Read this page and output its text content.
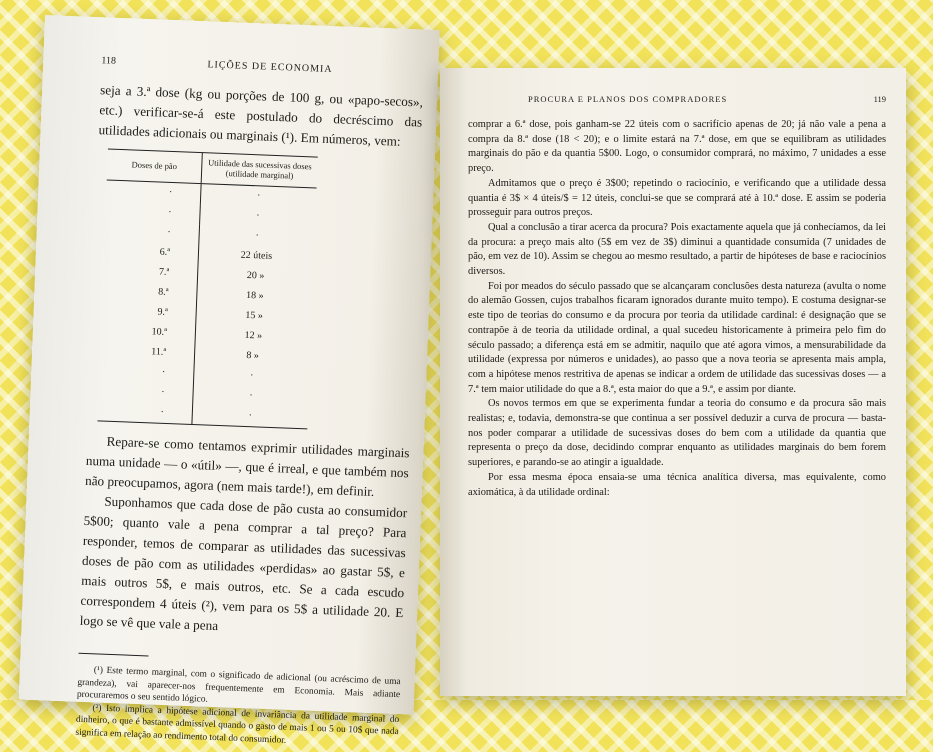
118	LIÇÕES DE ECONOMIA

seja a 3.ª dose (kg ou porções de 100 g, ou «papo-secos», etc.) verificar-se-á este postulado do decréscimo das utilidades adicionais ou marginais (¹). Em números, vem:

Doses de pão	Utilidade das sucessivas doses (utilidade marginal)
·	·
·	·
·	·
6.ª	22 úteis
7.ª	20 »
8.ª	18 »
9.ª	15 »
10.ª	12 »
11.ª	8 »
·	·
·	·
·	·

Repare-se como tentamos exprimir utilidades marginais numa unidade — o «útil» —, que é irreal, e que também nos não preocupamos, agora (nem mais tarde!), em definir.

Suponhamos que cada dose de pão custa ao consumidor 5$00; quanto vale a pena comprar a tal preço? Para responder, temos de comparar as utilidades das sucessivas doses de pão com as utilidades «perdidas» ao gastar 5$, e mais outros 5$, e mais outros, etc. Se a cada escudo correspondem 4 úteis (²), vem para os 5$ a utilidade 20. E logo se vê que vale a pena

(¹) Este termo marginal, com o significado de adicional (ou acréscimo de uma grandeza), vai aparecer-nos frequentemente em Economia. Mais adiante procuraremos o seu sentido lógico.

(²) Isto implica a hipótese adicional de invariância da utilidade marginal do dinheiro, o que é bastante admissível quando o gasto de mais 1 ou 5 ou 10$ que nada significa em relação ao rendimento total do consumidor.

PROCURA E PLANOS DOS COMPRADORES	119

comprar a 6.ª dose, pois ganham-se 22 úteis com o sacrifício apenas de 20; já não vale a pena a compra da 8.ª dose (18 < 20); e o limite estará na 7.ª dose, em que se equilibram as utilidades marginais do pão e da quantia 5$00. Logo, o consumidor comprará, no máximo, 7 unidades a esse preço.

Admitamos que o preço é 3$00; repetindo o raciocínio, e verificando que a utilidade dessa quantia é 3$ × 4 úteis/$ = 12 úteis, conclui-se que se comprará até à 10.ª dose. E assim se poderia prosseguir para outros preços.

Qual a conclusão a tirar acerca da procura? Pois exactamente aquela que já conhecíamos, da lei da procura: a preço mais alto (5$ em vez de 3$) diminui a quantidade consumida (7 unidades de pão, em vez de 10). Assim se chegou ao mesmo resultado, a partir de hipóteses de base e raciocínios diversos.

Foi por meados do século passado que se alcançaram conclusões desta natureza (avulta o nome do alemão Gossen, cujos trabalhos ficaram ignorados durante muito tempo). E costuma designar-se este tipo de teorias do consumo e da procura por teoria da utilidade cardinal: é designação que se contrapõe à de teoria da utilidade ordinal, a qual sucedeu historicamente à primeira pelo fim do século passado; a diferença está em se admitir, naquilo que até agora vimos, a mensurabilidade da utilidade (expressa por números e unidades), ao passo que a nova teoria se apresenta mais ampla, com a hipótese menos restritiva de apenas se indicar a ordem de utilidade das sucessivas doses — a 7.ª tem maior utilidade do que a 8.ª, esta maior do que a 9.ª, e assim por diante.

Os novos termos em que se experimenta fundar a teoria do consumo e da procura são mais realistas; e, todavia, demonstra-se que continua a ser possível deduzir a curva de procura — basta-nos poder comparar a utilidade de sucessivas doses do bem com a utilidade da quantia que representa o preço da dose, decidindo comprar enquanto as utilidades marginais do bem forem superiores, e parando-se ao atingir a igualdade.

Por essa mesma época ensaia-se uma técnica analítica diversa, mas equivalente, como axiomática, à da utilidade ordinal:
